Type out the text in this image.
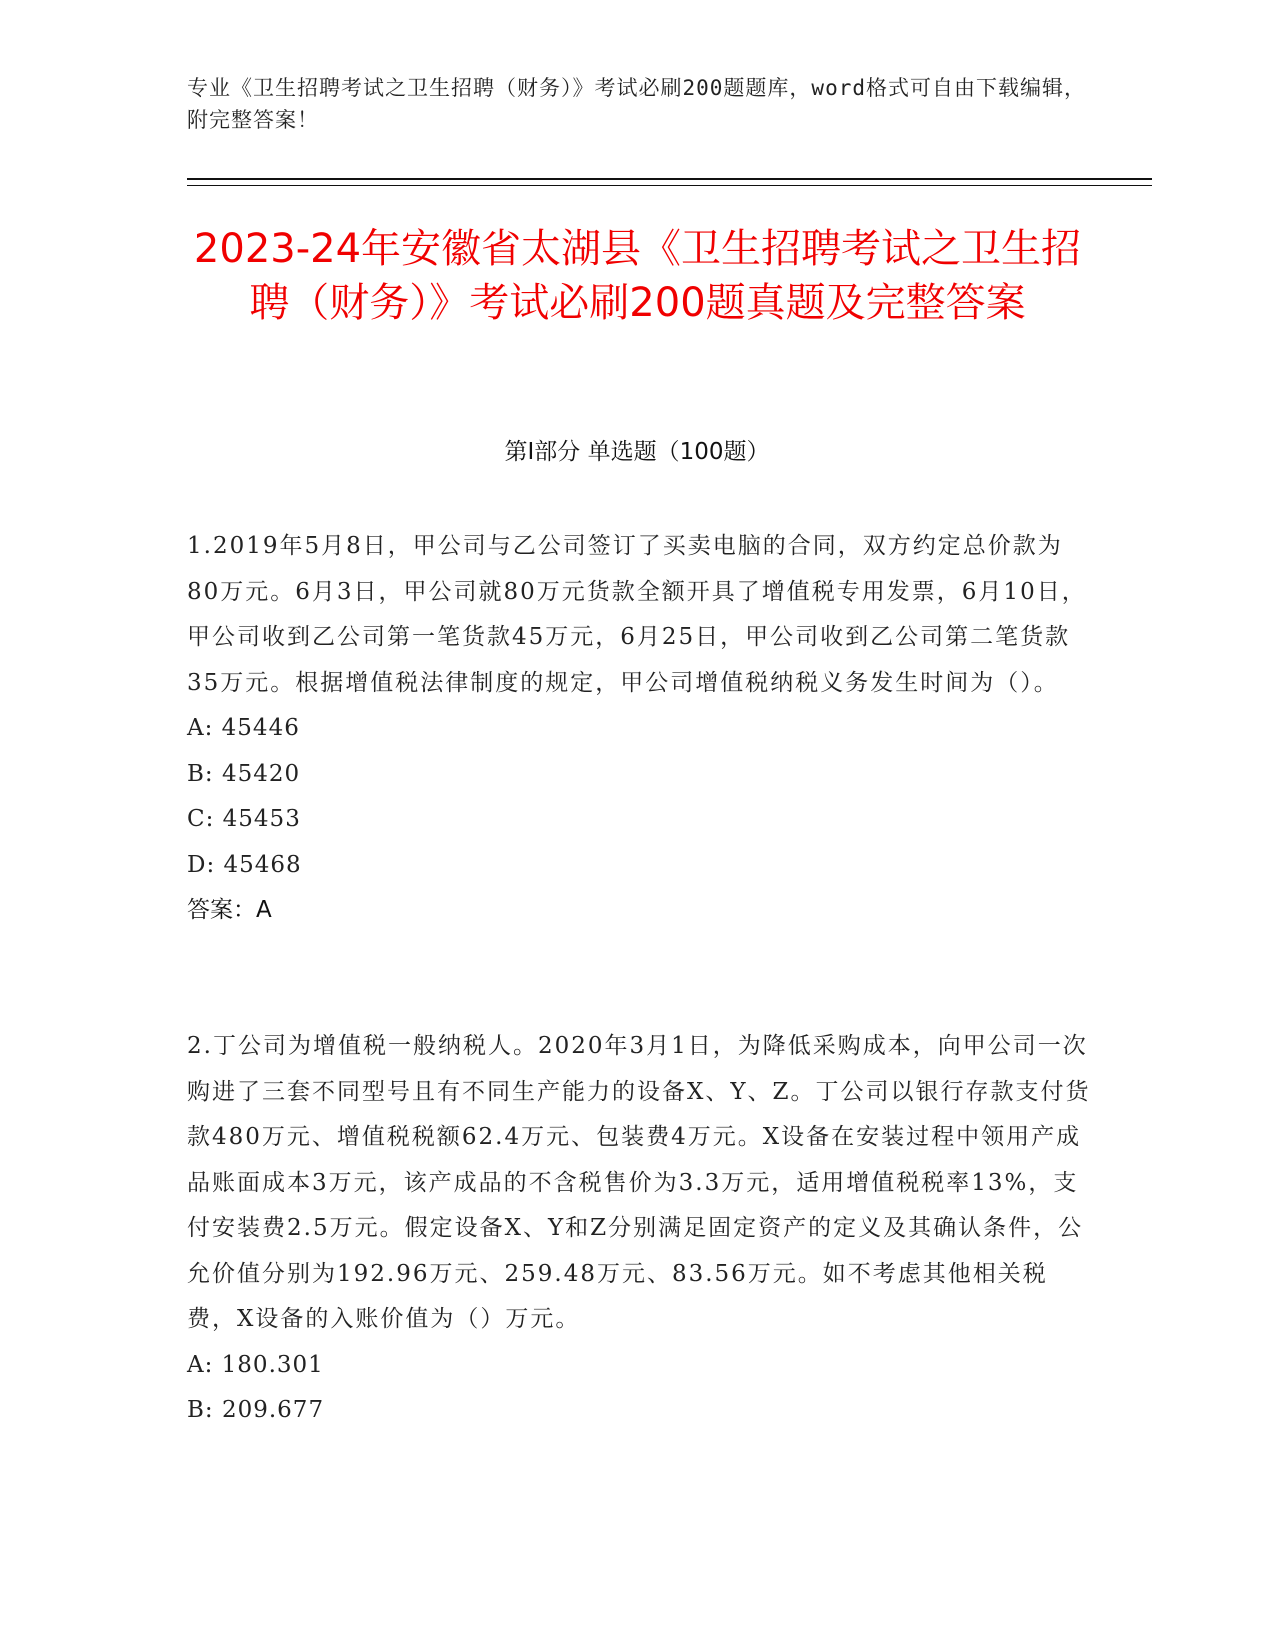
专业《卫生招聘考试之卫生招聘（财务）》考试必刷200题题库，word格式可自由下载编辑，附完整答案！
2023-24年安徽省太湖县《卫生招聘考试之卫生招聘（财务）》考试必刷200题真题及完整答案
第Ⅰ部分 单选题（100题）
1.2019年5月8日，甲公司与乙公司签订了买卖电脑的合同，双方约定总价款为80万元。6月3日，甲公司就80万元货款全额开具了增值税专用发票，6月10日，甲公司收到乙公司第一笔货款45万元，6月25日，甲公司收到乙公司第二笔货款35万元。根据增值税法律制度的规定，甲公司增值税纳税义务发生时间为（）。
A: 45446
B: 45420
C: 45453
D: 45468
答案：A
2.丁公司为增值税一般纳税人。2020年3月1日，为降低采购成本，向甲公司一次购进了三套不同型号且有不同生产能力的设备X、Y、Z。丁公司以银行存款支付货款480万元、增值税税额62.4万元、包装费4万元。X设备在安装过程中领用产成品账面成本3万元，该产成品的不含税售价为3.3万元，适用增值税税率13%，支付安装费2.5万元。假定设备X、Y和Z分别满足固定资产的定义及其确认条件，公允价值分别为192.96万元、259.48万元、83.56万元。如不考虑其他相关税费，X设备的入账价值为（）万元。
A: 180.301
B: 209.677
